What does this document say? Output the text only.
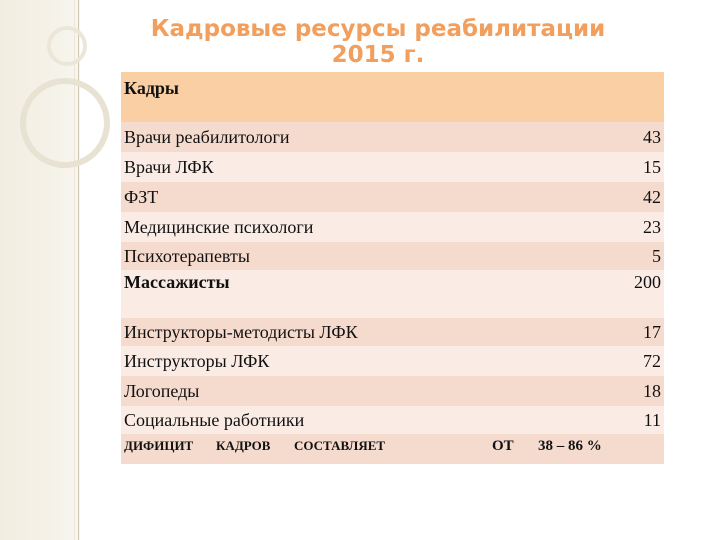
Кадровые ресурсы реабилитации 2015 г.
Кадры
Врачи реабилитологи	43
Врачи ЛФК	15
ФЗТ	42
Медицинские психологи	23
Психотерапевты	5
Массажисты	200
Инструкторы-методисты ЛФК	17
Инструкторы ЛФК	72
Логопеды	18
Социальные работники	11
ДИФИЦИТ КАДРОВ СОСТАВЛЯЕТ	ОТ 38 – 86 %
